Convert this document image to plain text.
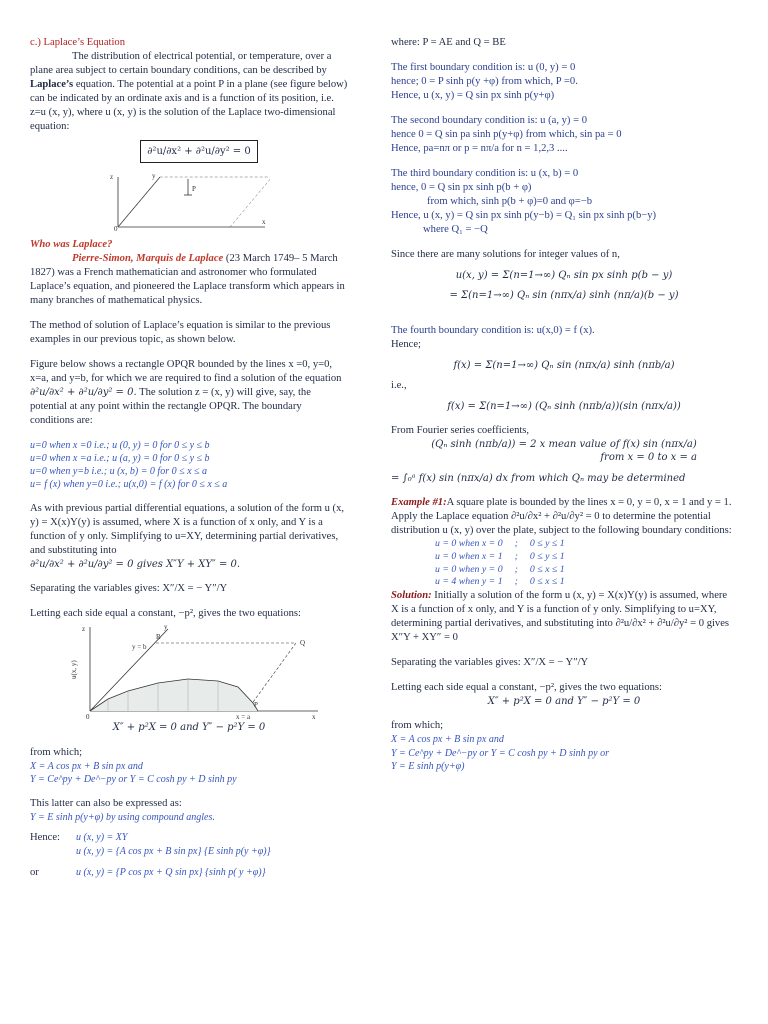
c.) Laplace’s Equation

The distribution of electrical potential, or temperature, over a plane area subject to certain boundary conditions, can be described by Laplace’s equation. The potential at a point P in a plane (see figure below) can be indicated by an ordinate axis and is a function of its position, i.e. z=u (x, y), where u (x, y) is the solution of the Laplace two-dimensional equation:

∂²u/∂x² + ∂²u/∂y² = 0
z	y
P
0
x

Who was Laplace?

Pierre-Simon, Marquis de Laplace (23 March 1749– 5 March 1827) was a French mathematician and astronomer who formulated Laplace’s equation, and pioneered the Laplace transform which appears in many branches of mathematical physics.

The method of solution of Laplace’s equation is similar to the previous examples in our previous topic, as shown below.

Figure below shows a rectangle OPQR bounded by the lines x =0, y=0, x=a, and y=b, for which we are required to find a solution of the equation ∂²u/∂x² + ∂²u/∂y² = 0. The solution z = (x, y) will give, say, the potential at any point within the rectangle OPQR. The boundary conditions are:

u=0 when x =0 i.e.; u (0, y) = 0 for 0 ≤ y ≤ b

u=0 when x =a i.e.; u (a, y) = 0 for 0 ≤ y ≤ b

u=0 when y=b i.e.; u (x, b) = 0 for 0 ≤ x ≤ a

u= f (x) when y=0 i.e.; u(x,0) = f (x) for 0 ≤ x ≤ a

As with previous partial differential equations, a solution of the form u (x, y) = X(x)Y(y) is assumed, where X is a function of x only, and Y is a function of y only. Simplifying to u=XY, determining partial derivatives, and substituting into

∂²u/∂x² + ∂²u/∂y² = 0 gives X″Y + XY″ = 0.

Separating the variables gives: X″/X = − Y″/Y

Letting each side equal a constant, −p², gives the two equations:

z	y
y = b
R
Q
0
P
x = a	x
u(x, y)

X″ + p²X = 0 and Y″ − p²Y = 0

from which;

X = A cos px + B sin px and

Y = Ce^py + De^−py or Y = C cosh py + D sinh py

This latter can also be expressed as:

Y = E sinh p(y+φ) by using compound angles.

Hence: u (x, y) = XY

u (x, y) = {A cos px + B sin px} {E sinh p(y +φ)}

or	u (x, y) = {P cos px + Q sin px} {sinh p( y +φ)}

where: P = AE and Q = BE

The first boundary condition is: u (0, y) = 0

hence; 0 = P sinh p(y +φ) from which, P =0.

Hence, u (x, y) = Q sin px sinh p(y+φ)

The second boundary condition is: u (a, y) = 0

hence 0 = Q sin pa sinh p(y+φ) from which, sin pa = 0

Hence, pa=nπ or p = nπ/a for n = 1,2,3 ....

The third boundary condition is: u (x, b) = 0

hence, 0 = Q sin px sinh p(b + φ)

from which, sinh p(b + φ)=0 and φ=−b

Hence, u (x, y) = Q sin px sinh p(y−b) = Q₁ sin px sinh p(b−y)

where Q₁ = −Q

Since there are many solutions for integer values of n,

u(x, y) = Σ(n=1→∞) Qₙ sin px sinh p(b − y)

= Σ(n=1→∞) Qₙ sin (nπx/a) sinh (nπ/a)(b − y)

The fourth boundary condition is: u(x,0) = f (x).

Hence;

f(x) = Σ(n=1→∞) Qₙ sin (nπx/a) sinh (nπb/a)

i.e.,

f(x) = Σ(n=1→∞) (Qₙ sinh (nπb/a))(sin (nπx/a))

From Fourier series coefficients,

(Qₙ sinh (nπb/a)) = 2 x mean value of f(x) sin (nπx/a)

from x = 0 to x = a

= ∫₀ᵃ f(x) sin (nπx/a) dx from which Qₙ may be determined

Example #1:A square plate is bounded by the lines x = 0, y = 0, x = 1 and y = 1. Apply the Laplace equation ∂²u/∂x² + ∂²u/∂y² = 0 to determine the potential distribution u (x, y) over the plate, subject to the following boundary conditions:

u = 0 when x = 0	;	0 ≤ y ≤ 1
u = 0 when x = 1	;	0 ≤ y ≤ 1
u = 0 when y = 0	;	0 ≤ x ≤ 1
u = 4 when y = 1	;	0 ≤ x ≤ 1

Solution: Initially a solution of the form u (x, y) = X(x)Y(y) is assumed, where X is a function of x only, and Y is a function of y only. Simplifying to u=XY, determining partial derivatives, and substituting into ∂²u/∂x² + ∂²u/∂y² = 0 gives X″Y + XY″ = 0

Separating the variables gives: X″/X = − Y″/Y

Letting each side equal a constant, −p², gives the two equations:

X″ + p²X = 0 and Y″ − p²Y = 0

from which;

X = A cos px + B sin px and

Y = Ce^py + De^−py or Y = C cosh py + D sinh py or

Y = E sinh p(y+φ)
